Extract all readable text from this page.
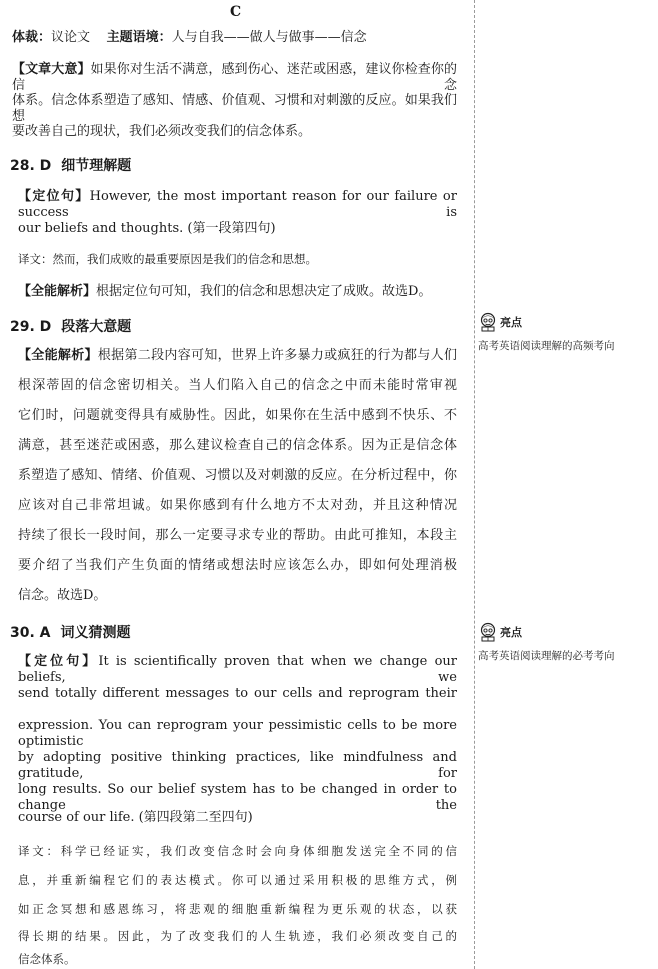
C
体裁：议论文 主题语境：人与自我——做人与做事——信念
【文章大意】如果你对生活不满意，感到伤心、迷茫或困惑，建议你检查你的信念
体系。信念体系塑造了感知、情感、价值观、习惯和对刺激的反应。如果我们想
要改善自己的现状，我们必须改变我们的信念体系。
28. D 细节理解题
【定位句】However, the most important reason for our failure or success is
our beliefs and thoughts. (第一段第四句)
译文：然而，我们成败的最重要原因是我们的信念和思想。
【全能解析】根据定位句可知，我们的信念和思想决定了成败。故选D。
29. D 段落大意题
【全能解析】根据第二段内容可知，世界上许多暴力或疯狂的行为都与人们
根深蒂固的信念密切相关。当人们陷入自己的信念之中而未能时常审视
它们时，问题就变得具有威胁性。因此，如果你在生活中感到不快乐、不
满意，甚至迷茫或困惑，那么建议检查自己的信念体系。因为正是信念体
系塑造了感知、情绪、价值观、习惯以及对刺激的反应。在分析过程中，你
应该对自己非常坦诚。如果你感到有什么地方不太对劲，并且这种情况
持续了很长一段时间，那么一定要寻求专业的帮助。由此可推知，本段主
要介绍了当我们产生负面的情绪或想法时应该怎么办，即如何处理消极
信念。故选D。
30. A 词义猜测题
【定位句】It is scientifically proven that when we change our beliefs, we
send totally different messages to our cells and reprogram their
expression. You can reprogram your pessimistic cells to be more optimistic
by adopting positive thinking practices, like mindfulness and gratitude, for
long results. So our belief system has to be changed in order to change the
course of our life. (第四段第二至四句)
译文：科学已经证实，我们改变信念时会向身体细胞发送完全不同的信
息，并重新编程它们的表达模式。你可以通过采用积极的思维方式，例
如正念冥想和感恩练习，将悲观的细胞重新编程为更乐观的状态，以获
得长期的结果。因此，为了改变我们的人生轨迹，我们必须改变自己的
信念体系。
亮点
高考英语阅读理解的高频考向
亮点
高考英语阅读理解的必考考向
